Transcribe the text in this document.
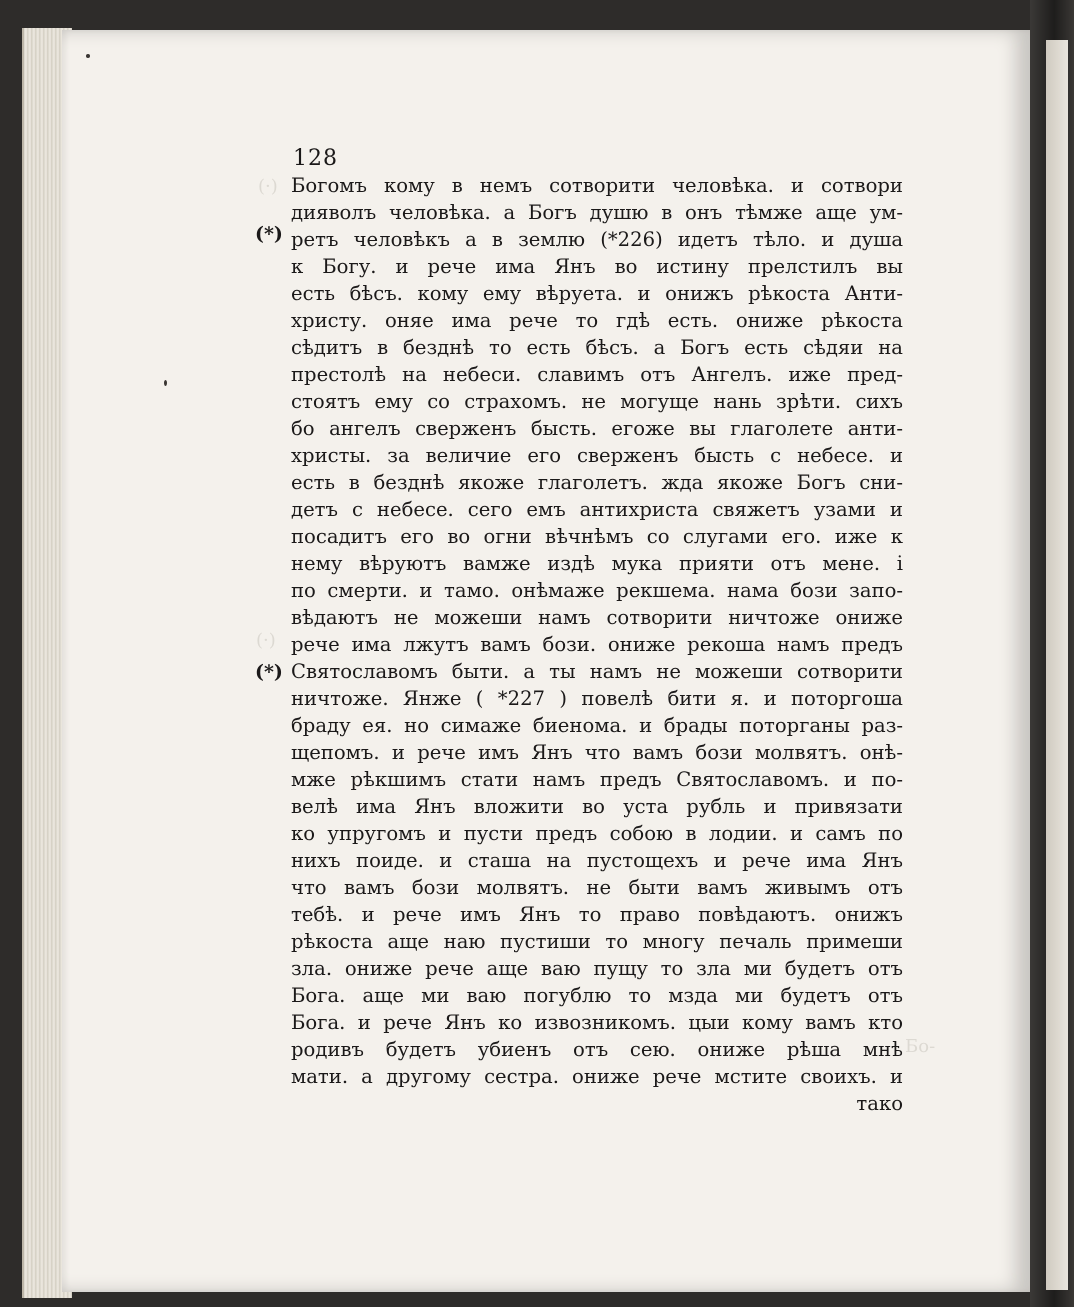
(·)
(·)
Бо-
128
(*)
(*)
Богомъ кому в немъ сотворити человѣка. и сотвори
дияволъ человѣка. а Богъ душю в онъ тѣмже аще ум-
ретъ человѣкъ а в землю (*226) идетъ тѣло. и душа
к Богу. и рече има Янъ во истину прелстилъ вы
есть бѣсъ. кому ему вѣруета. и онижъ рѣкоста Анти-
христу. оняе има рече то гдѣ есть. ониже рѣкоста
сѣдитъ в безднѣ то есть бѣсъ. а Богъ есть сѣдяи на
престолѣ на небеси. славимъ отъ Ангелъ. иже пред-
стоятъ ему со страхомъ. не могуще нань зрѣти. сихъ
бо ангелъ сверженъ бысть. егоже вы глаголете анти-
христы. за величие его сверженъ бысть с небесе. и
есть в безднѣ якоже глаголетъ. жда якоже Богъ сни-
детъ с небесе. сего емъ антихриста свяжетъ узами и
посадитъ его во огни вѣчнѣмъ со слугами его. иже к
нему вѣруютъ вамже издѣ мука прияти отъ мене. і
по смерти. и тамо. онѣмаже рекшема. нама бози запо-
вѣдаютъ не можеши намъ сотворити ничтоже ониже
рече има лжутъ вамъ бози. ониже рекоша намъ предъ
Святославомъ быти. а ты намъ не можеши сотворити
ничтоже. Янже ( *227 ) повелѣ бити я. и поторгоша
браду ея. но симаже биенома. и брады поторганы раз-
щепомъ. и рече имъ Янъ что вамъ бози молвятъ. онѣ-
мже рѣкшимъ стати намъ предъ Святославомъ. и по-
велѣ има Янъ вложити во уста рубль и привязати
ко упругомъ и пусти предъ собою в лодии. и самъ по
нихъ поиде. и сташа на пустощехъ и рече има Янъ
что вамъ бози молвятъ. не быти вамъ живымъ отъ
тебѣ. и рече имъ Янъ то право повѣдаютъ. онижъ
рѣкоста аще наю пустиши то многу печаль примеши
зла. ониже рече аще ваю пущу то зла ми будетъ отъ
Бога. аще ми ваю погублю то мзда ми будетъ отъ
Бога. и рече Янъ ко извозникомъ. цыи кому вамъ кто
родивъ будетъ убиенъ отъ сею. ониже рѣша мнѣ
мати. а другому сестра. ониже рече мстите своихъ. и
тако
